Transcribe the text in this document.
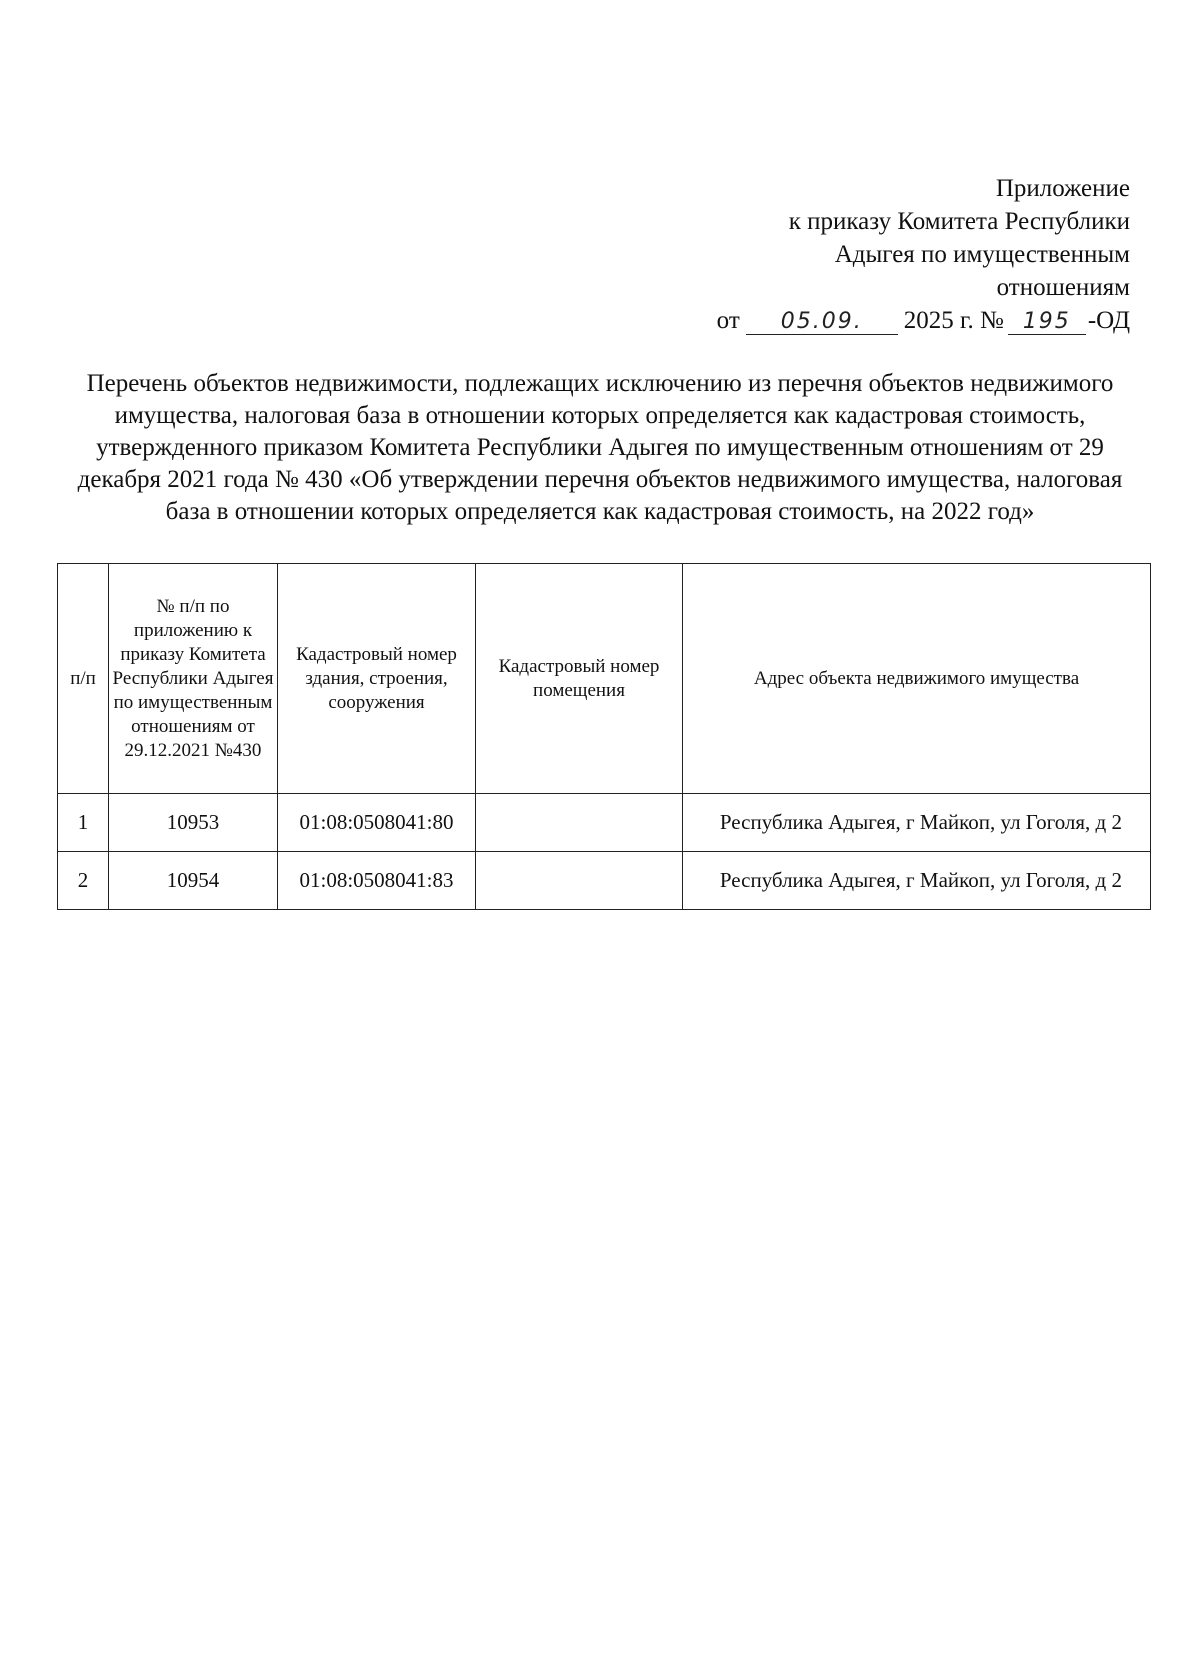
Приложение
к приказу Комитета Республики
Адыгея по имущественным
отношениям
от 05.09. 2025 г. № 195 -ОД
Перечень объектов недвижимости, подлежащих исключению из перечня объектов недвижимого имущества, налоговая база в отношении которых определяется как кадастровая стоимость, утвержденного приказом Комитета Республики Адыгея по имущественным отношениям от 29 декабря 2021 года № 430 «Об утверждении перечня объектов недвижимого имущества, налоговая база в отношении которых определяется как кадастровая стоимость, на 2022 год»
п/п	№ п/п по приложению к приказу Комитета Республики Адыгея по имущественным отношениям от 29.12.2021 №430	Кадастровый номер здания, строения, сооружения	Кадастровый номер помещения	Адрес объекта недвижимого имущества
1	10953	01:08:0508041:80		Республика Адыгея, г Майкоп, ул Гоголя, д 2
2	10954	01:08:0508041:83		Республика Адыгея, г Майкоп, ул Гоголя, д 2
